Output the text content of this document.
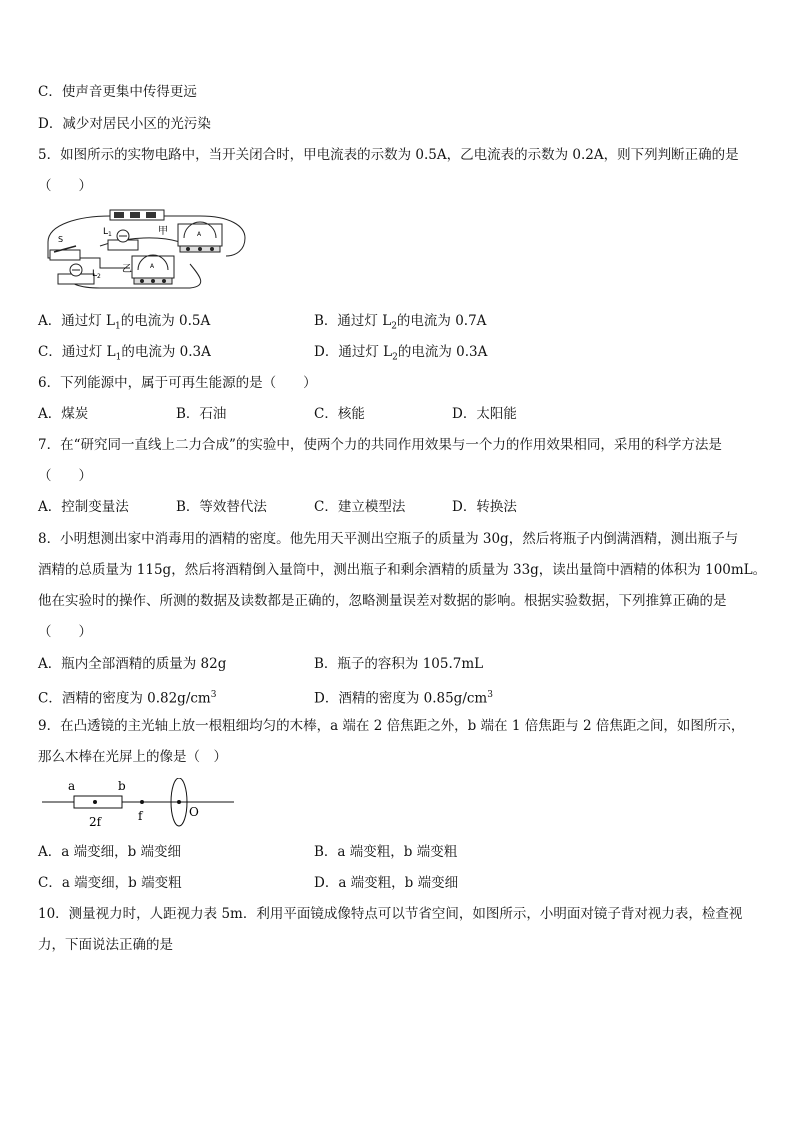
C．使声音更集中传得更远
D．减少对居民小区的光污染
5．如图所示的实物电路中，当开关闭合时，甲电流表的示数为 0.5A，乙电流表的示数为 0.2A，则下列判断正确的是
（　　）
S
$L_1$	A
甲
$L_2$
A
乙
A．通过灯 $L_1$的电流为 0.5A	B．通过灯 $L_2$的电流为 0.7A
C．通过灯 $L_1$的电流为 0.3A	D．通过灯 $L_2$的电流为 0.3A
6．下列能源中，属于可再生能源的是（　　）
A．煤炭	B．石油	C．核能	D．太阳能
7．在“研究同一直线上二力合成”的实验中，使两个力的共同作用效果与一个力的作用效果相同，采用的科学方法是
（　　）
A．控制变量法	B．等效替代法	C．建立模型法	D．转换法
8．小明想测出家中消毒用的酒精的密度。他先用天平测出空瓶子的质量为 30g，然后将瓶子内倒满酒精，测出瓶子与
酒精的总质量为 115g，然后将酒精倒入量筒中，测出瓶子和剩余酒精的质量为 33g，读出量筒中酒精的体积为 100mL。
他在实验时的操作、所测的数据及读数都是正确的，忽略测量误差对数据的影响。根据实验数据，下列推算正确的是
（　　）
A．瓶内全部酒精的质量为 82g	B．瓶子的容积为 105.7mL
C．酒精的密度为 $0.82g/cm^3$	D．酒精的密度为 $0.85g/cm^3$
9．在凸透镜的主光轴上放一根粗细均匀的木棒，a 端在 2 倍焦距之外，b 端在 1 倍焦距与 2 倍焦距之间，如图所示，
那么木棒在光屏上的像是（　）
a	b
2f	f	O
A．a 端变细，b 端变细	B．a 端变粗，b 端变粗
C．a 端变细，b 端变粗	D．a 端变粗，b 端变细
10．测量视力时，人距视力表 5m．利用平面镜成像特点可以节省空间，如图所示，小明面对镜子背对视力表，检查视
力，下面说法正确的是
